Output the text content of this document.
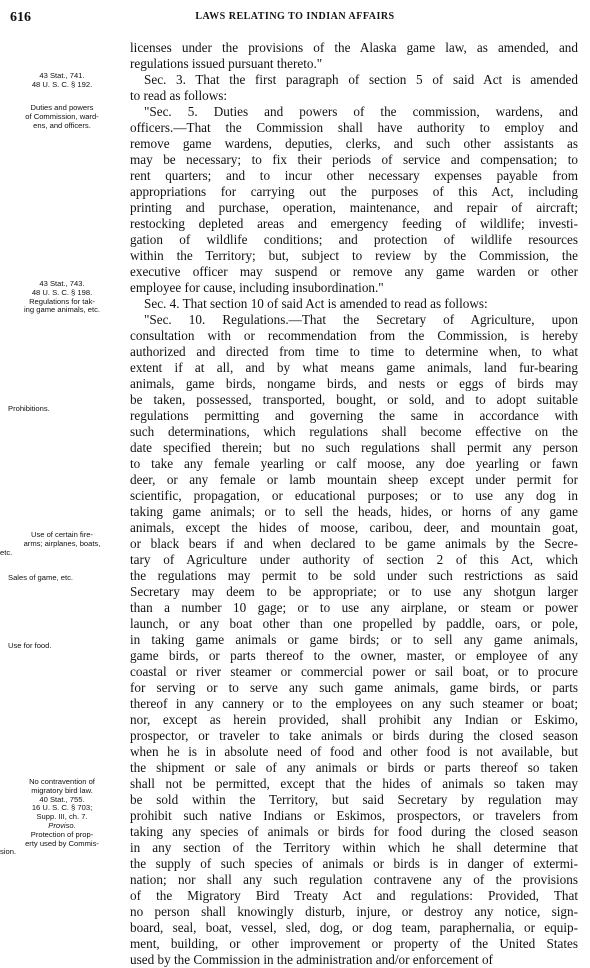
616	LAWS RELATING TO INDIAN AFFAIRS
43 Stat., 741.
48 U. S. C. § 192.
Duties and powers
of Commission, ward-
ens, and officers.
43 Stat., 743.
48 U. S. C. § 198.
Regulations for tak-
ing game animals, etc.
Prohibitions.
Use of certain fire-
arms; airplanes, boats,
etc.
Sales of game, etc.
Use for food.
No contravention of
migratory bird law.
40 Stat., 755.
16 U. S. C. § 703;
Supp. III, ch. 7.
Proviso.
Protection of prop-
erty used by Commis-
sion.
licenses under the provisions of the Alaska game law, as amended, and
regulations issued pursuant thereto."
Sec. 3. That the first paragraph of section 5 of said Act is amended
to read as follows:
"Sec. 5. Duties and powers of the commission, wardens, and
officers.—That the Commission shall have authority to employ and
remove game wardens, deputies, clerks, and such other assistants as
may be necessary; to fix their periods of service and compensation; to
rent quarters; and to incur other necessary expenses payable from
appropriations for carrying out the purposes of this Act, including
printing and purchase, operation, maintenance, and repair of aircraft;
restocking depleted areas and emergency feeding of wildlife; investi-
gation of wildlife conditions; and protection of wildlife resources
within the Territory; but, subject to review by the Commission, the
executive officer may suspend or remove any game warden or other
employee for cause, including insubordination."
Sec. 4. That section 10 of said Act is amended to read as follows:
"Sec. 10. Regulations.—That the Secretary of Agriculture, upon
consultation with or recommendation from the Commission, is hereby
authorized and directed from time to time to determine when, to what
extent if at all, and by what means game animals, land fur-bearing
animals, game birds, nongame birds, and nests or eggs of birds may
be taken, possessed, transported, bought, or sold, and to adopt suitable
regulations permitting and governing the same in accordance with
such determinations, which regulations shall become effective on the
date specified therein; but no such regulations shall permit any person
to take any female yearling or calf moose, any doe yearling or fawn
deer, or any female or lamb mountain sheep except under permit for
scientific, propagation, or educational purposes; or to use any dog in
taking game animals; or to sell the heads, hides, or horns of any game
animals, except the hides of moose, caribou, deer, and mountain goat,
or black bears if and when declared to be game animals by the Secre-
tary of Agriculture under authority of section 2 of this Act, which
the regulations may permit to be sold under such restrictions as said
Secretary may deem to be appropriate; or to use any shotgun larger
than a number 10 gage; or to use any airplane, or steam or power
launch, or any boat other than one propelled by paddle, oars, or pole,
in taking game animals or game birds; or to sell any game animals,
game birds, or parts thereof to the owner, master, or employee of any
coastal or river steamer or commercial power or sail boat, or to procure
for serving or to serve any such game animals, game birds, or parts
thereof in any cannery or to the employees on any such steamer or boat;
nor, except as herein provided, shall prohibit any Indian or Eskimo,
prospector, or traveler to take animals or birds during the closed season
when he is in absolute need of food and other food is not available, but
the shipment or sale of any animals or birds or parts thereof so taken
shall not be permitted, except that the hides of animals so taken may
be sold within the Territory, but said Secretary by regulation may
prohibit such native Indians or Eskimos, prospectors, or travelers from
taking any species of animals or birds for food during the closed season
in any section of the Territory within which he shall determine that
the supply of such species of animals or birds is in danger of extermi-
nation; nor shall any such regulation contravene any of the provisions
of the Migratory Bird Treaty Act and regulations: Provided, That
no person shall knowingly disturb, injure, or destroy any notice, sign-
board, seal, boat, vessel, sled, dog, or dog team, paraphernalia, or equip-
ment, building, or other improvement or property of the United States
used by the Commission in the administration and/or enforcement of
